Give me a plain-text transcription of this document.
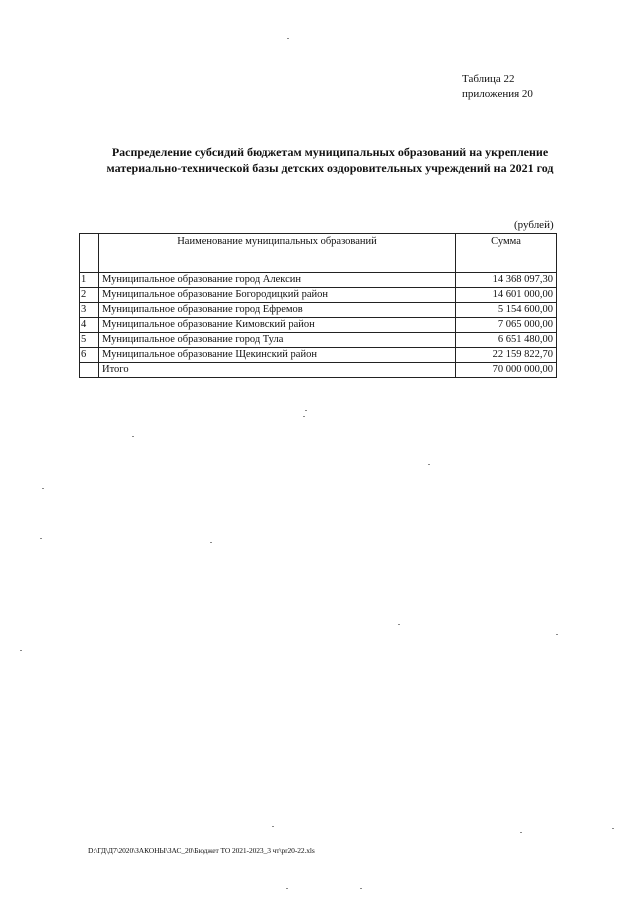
Таблица 22
приложения 20
Распределение субсидий бюджетам муниципальных образований на укрепление
материально-технической базы детских оздоровительных учреждений на 2021 год
(рублей)
	Наименование муниципальных образований	Сумма
1	Муниципальное образование город Алексин	14 368 097,30
2	Муниципальное образование Богородицкий район	14 601 000,00
3	Муниципальное образование город Ефремов	5 154 600,00
4	Муниципальное образование Кимовский район	7 065 000,00
5	Муниципальное образование город Тула	6 651 480,00
6	Муниципальное образование Щекинский район	22 159 822,70
	Итого	70 000 000,00
D:\ГД\Д7\2020\ЗАКОНЫ\ЗАС_20\Бюджет ТО 2021-2023_3 чт\pr20-22.xls
